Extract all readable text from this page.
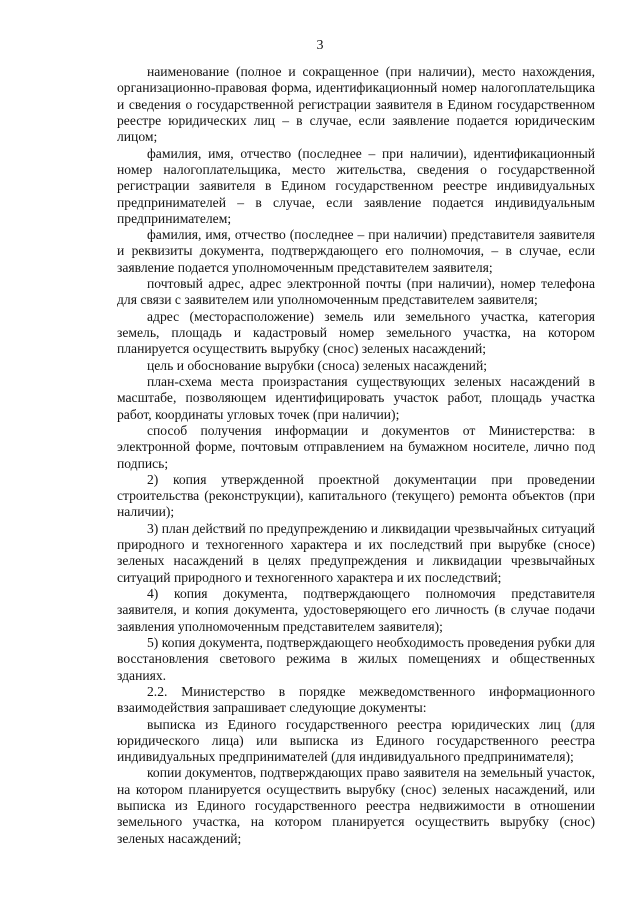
3

наименование (полное и сокращенное (при наличии), место нахождения, организационно-правовая форма, идентификационный номер налогоплательщика и сведения о государственной регистрации заявителя в Едином государственном реестре юридических лиц – в случае, если заявление подается юридическим лицом;

фамилия, имя, отчество (последнее – при наличии), идентификационный номер налогоплательщика, место жительства, сведения о государственной регистрации заявителя в Едином государственном реестре индивидуальных предпринимателей – в случае, если заявление подается индивидуальным предпринимателем;

фамилия, имя, отчество (последнее – при наличии) представителя заявителя и реквизиты документа, подтверждающего его полномочия, – в случае, если заявление подается уполномоченным представителем заявителя;

почтовый адрес, адрес электронной почты (при наличии), номер телефона для связи с заявителем или уполномоченным представителем заявителя;

адрес (месторасположение) земель или земельного участка, категория земель, площадь и кадастровый номер земельного участка, на котором планируется осуществить вырубку (снос) зеленых насаждений;

цель и обоснование вырубки (сноса) зеленых насаждений;

план-схема места произрастания существующих зеленых насаждений в масштабе, позволяющем идентифицировать участок работ, площадь участка работ, координаты угловых точек (при наличии);

способ получения информации и документов от Министерства: в электронной форме, почтовым отправлением на бумажном носителе, лично под подпись;

2) копия утвержденной проектной документации при проведении строительства (реконструкции), капитального (текущего) ремонта объектов (при наличии);

3) план действий по предупреждению и ликвидации чрезвычайных ситуаций природного и техногенного характера и их последствий при вырубке (сносе) зеленых насаждений в целях предупреждения и ликвидации чрезвычайных ситуаций природного и техногенного характера и их последствий;

4) копия документа, подтверждающего полномочия представителя заявителя, и копия документа, удостоверяющего его личность (в случае подачи заявления уполномоченным представителем заявителя);

5) копия документа, подтверждающего необходимость проведения рубки для восстановления светового режима в жилых помещениях и общественных зданиях.

2.2. Министерство в порядке межведомственного информационного взаимодействия запрашивает следующие документы:

выписка из Единого государственного реестра юридических лиц (для юридического лица) или выписка из Единого государственного реестра индивидуальных предпринимателей (для индивидуального предпринимателя);

копии документов, подтверждающих право заявителя на земельный участок, на котором планируется осуществить вырубку (снос) зеленых насаждений, или выписка из Единого государственного реестра недвижимости в отношении земельного участка, на котором планируется осуществить вырубку (снос) зеленых насаждений;
